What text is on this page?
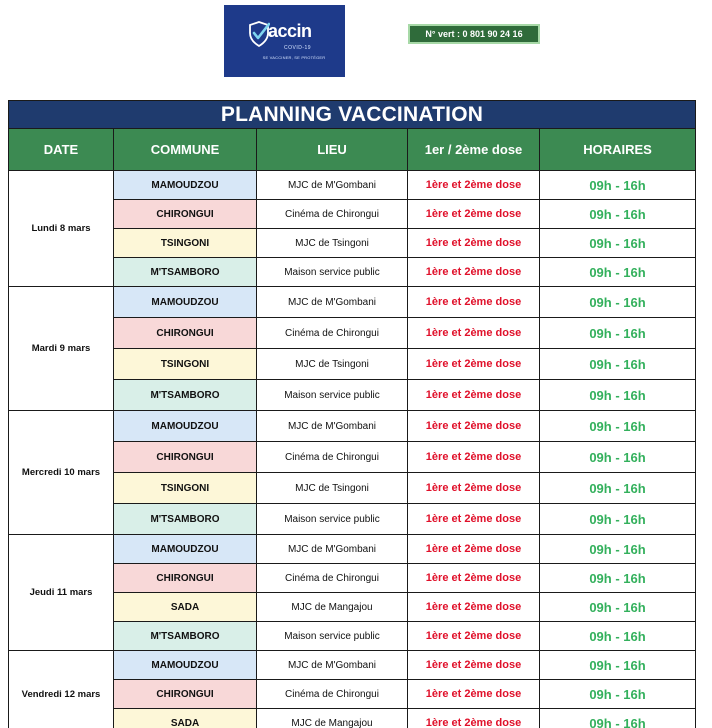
accin
COVID-19
SE VACCINER, SE PROTÉGER
N° vert : 0 801 90 24 16
PLANNING VACCINATION				
DATE	COMMUNE	LIEU	1er / 2ème dose	HORAIRES
Lundi 8 mars	MAMOUDZOU	MJC de M'Gombani	1ère et 2ème dose	09h - 16h
	CHIRONGUI	Cinéma de Chirongui	1ère et 2ème dose	09h - 16h
	TSINGONI	MJC de Tsingoni	1ère et 2ème dose	09h - 16h
	M'TSAMBORO	Maison service public	1ère et 2ème dose	09h - 16h
Mardi 9 mars	MAMOUDZOU	MJC de M'Gombani	1ère et 2ème dose	09h - 16h
	CHIRONGUI	Cinéma de Chirongui	1ère et 2ème dose	09h - 16h
	TSINGONI	MJC de Tsingoni	1ère et 2ème dose	09h - 16h
	M'TSAMBORO	Maison service public	1ère et 2ème dose	09h - 16h
Mercredi 10 mars	MAMOUDZOU	MJC de M'Gombani	1ère et 2ème dose	09h - 16h
	CHIRONGUI	Cinéma de Chirongui	1ère et 2ème dose	09h - 16h
	TSINGONI	MJC de Tsingoni	1ère et 2ème dose	09h - 16h
	M'TSAMBORO	Maison service public	1ère et 2ème dose	09h - 16h
Jeudi 11 mars	MAMOUDZOU	MJC de M'Gombani	1ère et 2ème dose	09h - 16h
	CHIRONGUI	Cinéma de Chirongui	1ère et 2ème dose	09h - 16h
	SADA	MJC de Mangajou	1ère et 2ème dose	09h - 16h
	M'TSAMBORO	Maison service public	1ère et 2ème dose	09h - 16h
Vendredi 12 mars	MAMOUDZOU	MJC de M'Gombani	1ère et 2ème dose	09h - 16h
	CHIRONGUI	Cinéma de Chirongui	1ère et 2ème dose	09h - 16h
	SADA	MJC de Mangajou	1ère et 2ème dose	09h - 16h
